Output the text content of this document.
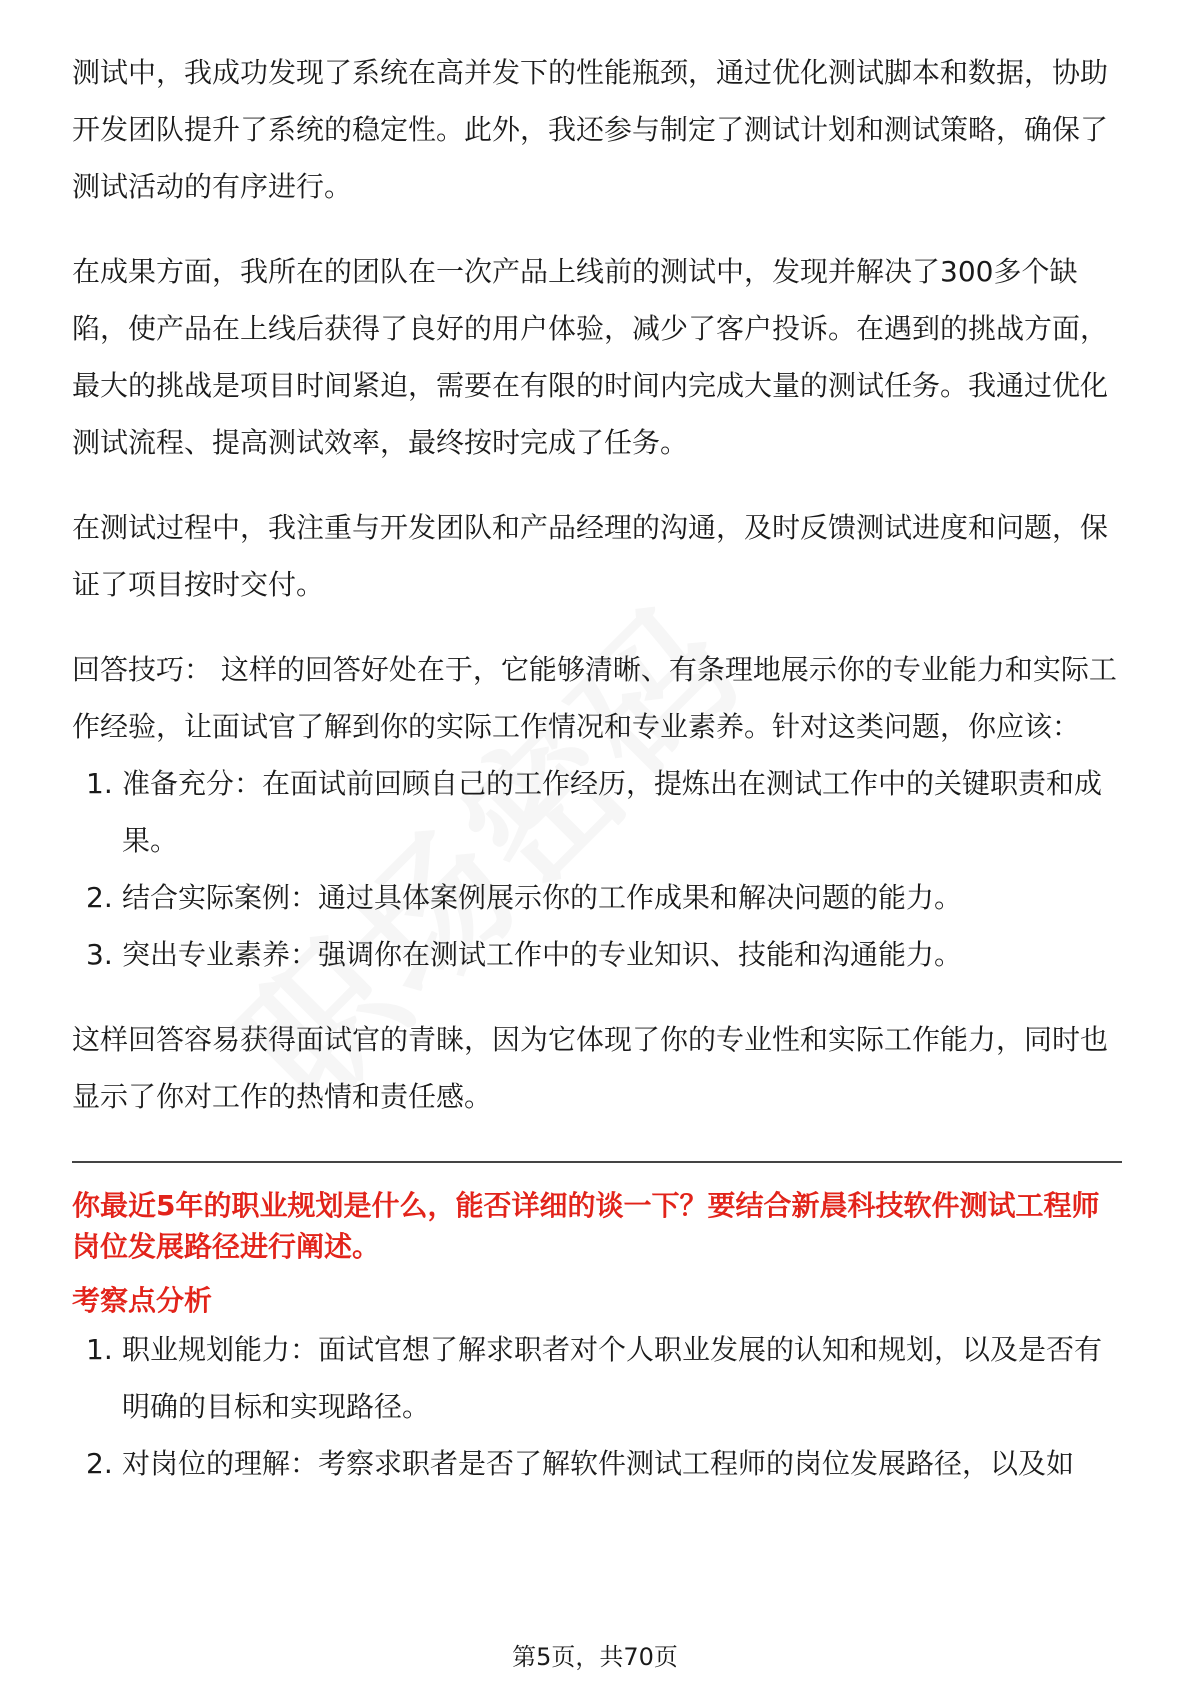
测试中，我成功发现了系统在高并发下的性能瓶颈，通过优化测试脚本和数据，协助开发团队提升了系统的稳定性。此外，我还参与制定了测试计划和测试策略，确保了测试活动的有序进行。

在成果方面，我所在的团队在一次产品上线前的测试中，发现并解决了300多个缺陷，使产品在上线后获得了良好的用户体验，减少了客户投诉。在遇到的挑战方面，最大的挑战是项目时间紧迫，需要在有限的时间内完成大量的测试任务。我通过优化测试流程、提高测试效率，最终按时完成了任务。

在测试过程中，我注重与开发团队和产品经理的沟通，及时反馈测试进度和问题，保证了项目按时交付。

回答技巧： 这样的回答好处在于，它能够清晰、有条理地展示你的专业能力和实际工作经验，让面试官了解到你的实际工作情况和专业素养。针对这类问题，你应该：

1. 准备充分：在面试前回顾自己的工作经历，提炼出在测试工作中的关键职责和成果。
2. 结合实际案例：通过具体案例展示你的工作成果和解决问题的能力。
3. 突出专业素养：强调你在测试工作中的专业知识、技能和沟通能力。

这样回答容易获得面试官的青睐，因为它体现了你的专业性和实际工作能力，同时也显示了你对工作的热情和责任感。

你最近5年的职业规划是什么，能否详细的谈一下？要结合新晨科技软件测试工程师岗位发展路径进行阐述。

考察点分析

1. 职业规划能力：面试官想了解求职者对个人职业发展的认知和规划，以及是否有明确的目标和实现路径。
2. 对岗位的理解：考察求职者是否了解软件测试工程师的岗位发展路径，以及如
第5页，共70页
